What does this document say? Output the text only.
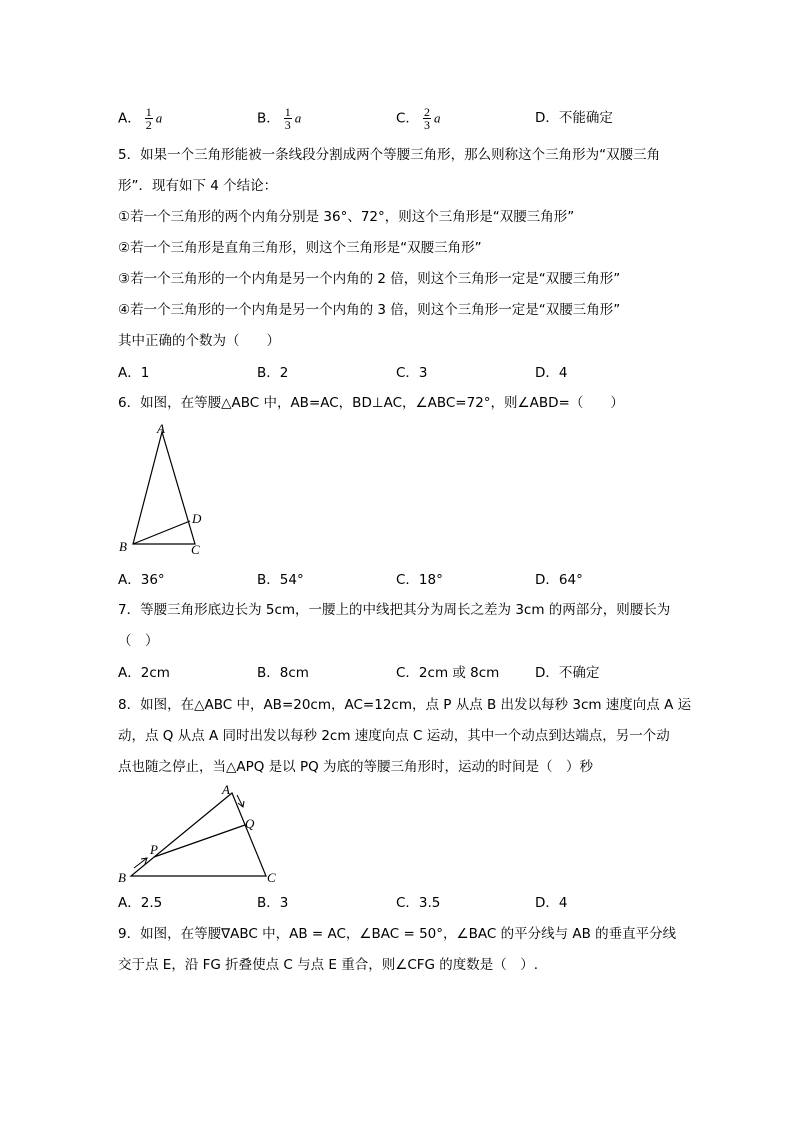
A． $\frac{1}{2}$ a	B． $\frac{1}{3}$ a	C． $\frac{2}{3}$ a	D．不能确定
5．如果一个三角形能被一条线段分割成两个等腰三角形，那么则称这个三角形为“双腰三角
形”．现有如下 4 个结论：
①若一个三角形的两个内角分别是 36°、72°，则这个三角形是“双腰三角形”
②若一个三角形是直角三角形，则这个三角形是“双腰三角形”
③若一个三角形的一个内角是另一个内角的 2 倍，则这个三角形一定是“双腰三角形”
④若一个三角形的一个内角是另一个内角的 3 倍，则这个三角形一定是“双腰三角形”
其中正确的个数为（　　）
A．1	B．2	C．3	D．4
6．如图，在等腰△ABC 中，AB=AC，BD⊥AC，∠ABC=72°，则∠ABD=（　　）
A
B	C
D
A．36°	B．54°	C．18°	D．64°
7．等腰三角形底边长为 5cm，一腰上的中线把其分为周长之差为 3cm 的两部分，则腰长为
（　）
A．2cm	B．8cm	C．2cm 或 8cm	D．不确定
8．如图，在△ABC 中，AB=20cm，AC=12cm，点 P 从点 B 出发以每秒 3cm 速度向点 A 运
动，点 Q 从点 A 同时出发以每秒 2cm 速度向点 C 运动，其中一个动点到达端点，另一个动
点也随之停止，当△APQ 是以 PQ 为底的等腰三角形时，运动的时间是（　）秒
A
B	C
P
Q
A．2.5	B．3	C．3.5	D．4
9．如图，在等腰∇ABC 中，AB = AC，∠BAC = 50°，∠BAC 的平分线与 AB 的垂直平分线
交于点 E，沿 FG 折叠使点 C 与点 E 重合，则∠CFG 的度数是（　）.
